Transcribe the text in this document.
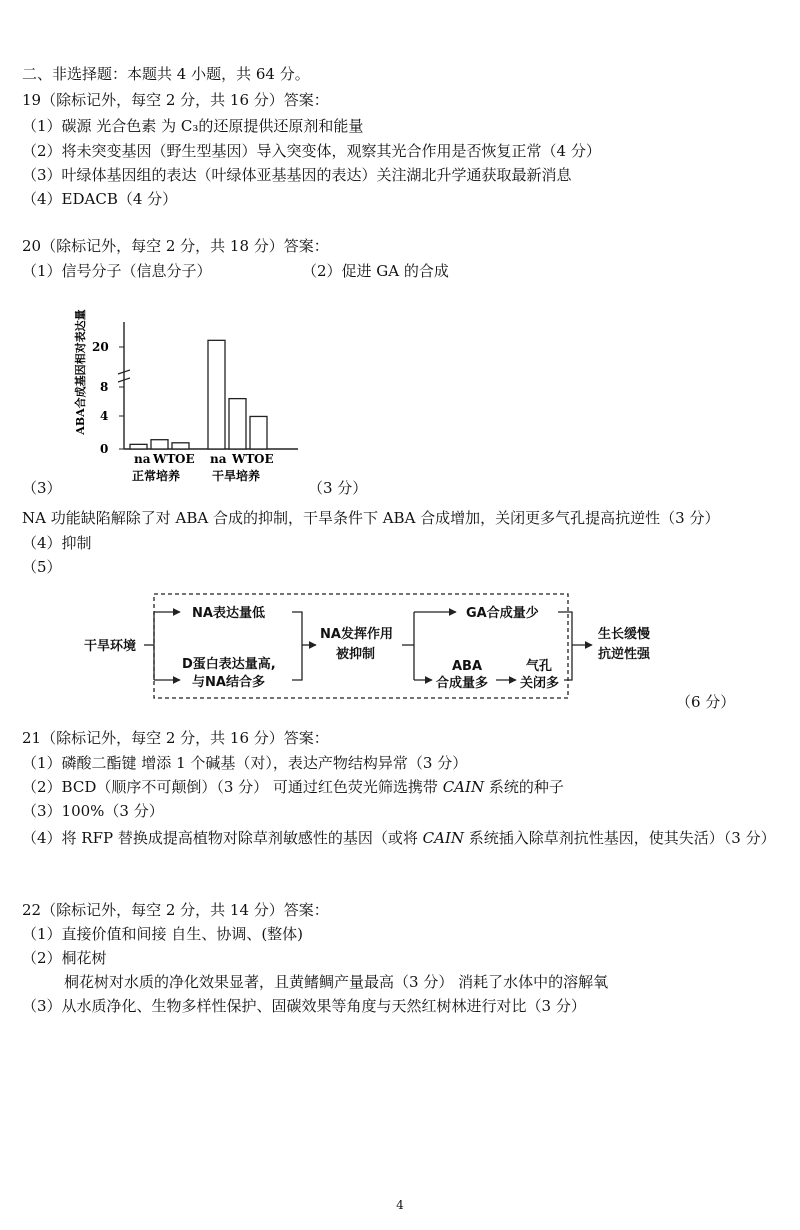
二、非选择题：本题共 4 小题，共 64 分。
19（除标记外，每空 2 分，共 16 分）答案：
（1）碳源 光合色素 为 C₃的还原提供还原剂和能量
（2）将未突变基因（野生型基因）导入突变体，观察其光合作用是否恢复正常（4 分）
（3）叶绿体基因组的表达（叶绿体亚基基因的表达）关注湖北升学通获取最新消息
（4）EDACB（4 分）
20（除标记外，每空 2 分，共 18 分）答案：
（1）信号分子（信息分子）	（2）促进 GA 的合成
ABA合成基因相对表达量
0
4
8
20
na WT OE na WT OE
正常培养	干旱培养
（3）	（3 分）
NA 功能缺陷解除了对 ABA 合成的抑制，干旱条件下 ABA 合成增加，关闭更多气孔提高抗逆性（3 分）
（4）抑制
（5）
干旱环境
NA表达量低
D蛋白表达量高,
与NA结合多
NA发挥作用
被抑制
GA合成量少
ABA
合成量多
气孔
关闭多
生长缓慢
抗逆性强
（6 分）
21（除标记外，每空 2 分，共 16 分）答案：
（1）磷酸二酯键 增添 1 个碱基（对），表达产物结构异常（3 分）
（2）BCD（顺序不可颠倒）（3 分） 可通过红色荧光筛选携带 CAIN 系统的种子
（3）100%（3 分）
（4）将 RFP 替换成提高植物对除草剂敏感性的基因（或将 CAIN 系统插入除草剂抗性基因，使其失活）（3 分）
22（除标记外，每空 2 分，共 14 分）答案：
（1）直接价值和间接 自生、协调、(整体)
（2）桐花树
桐花树对水质的净化效果显著，且黄鳍鲷产量最高（3 分） 消耗了水体中的溶解氧
（3）从水质净化、生物多样性保护、固碳效果等角度与天然红树林进行对比（3 分）
4
